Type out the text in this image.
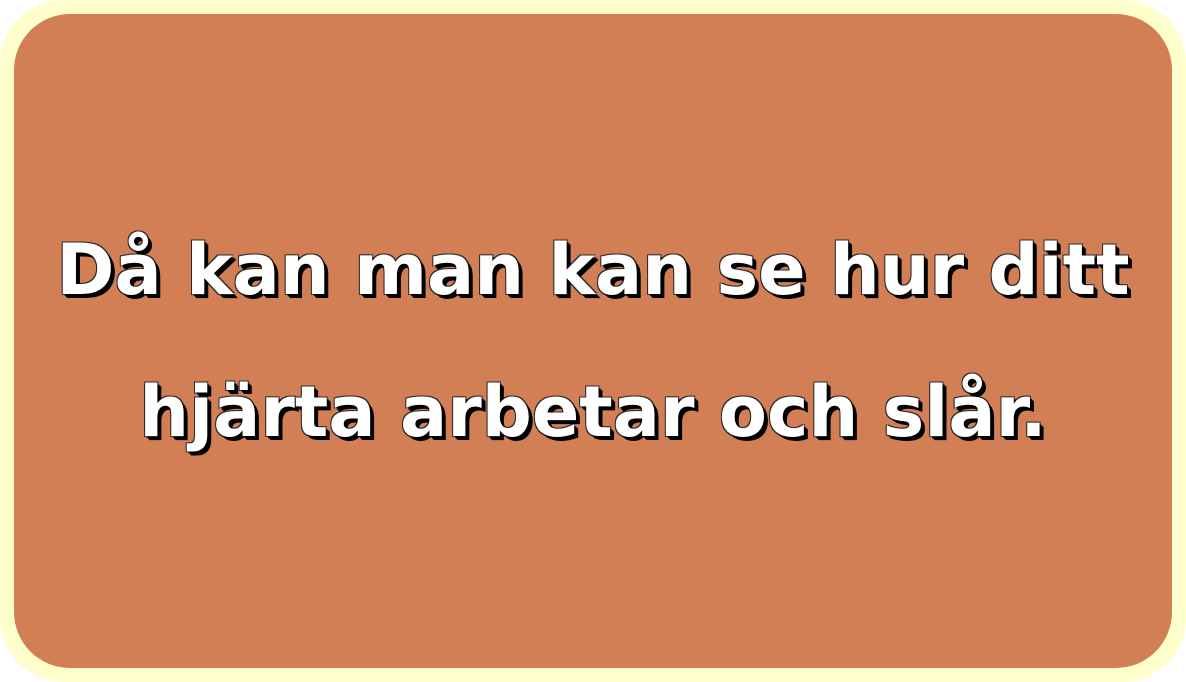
Då kan man kan se hur ditt hjärta arbetar och slår.
